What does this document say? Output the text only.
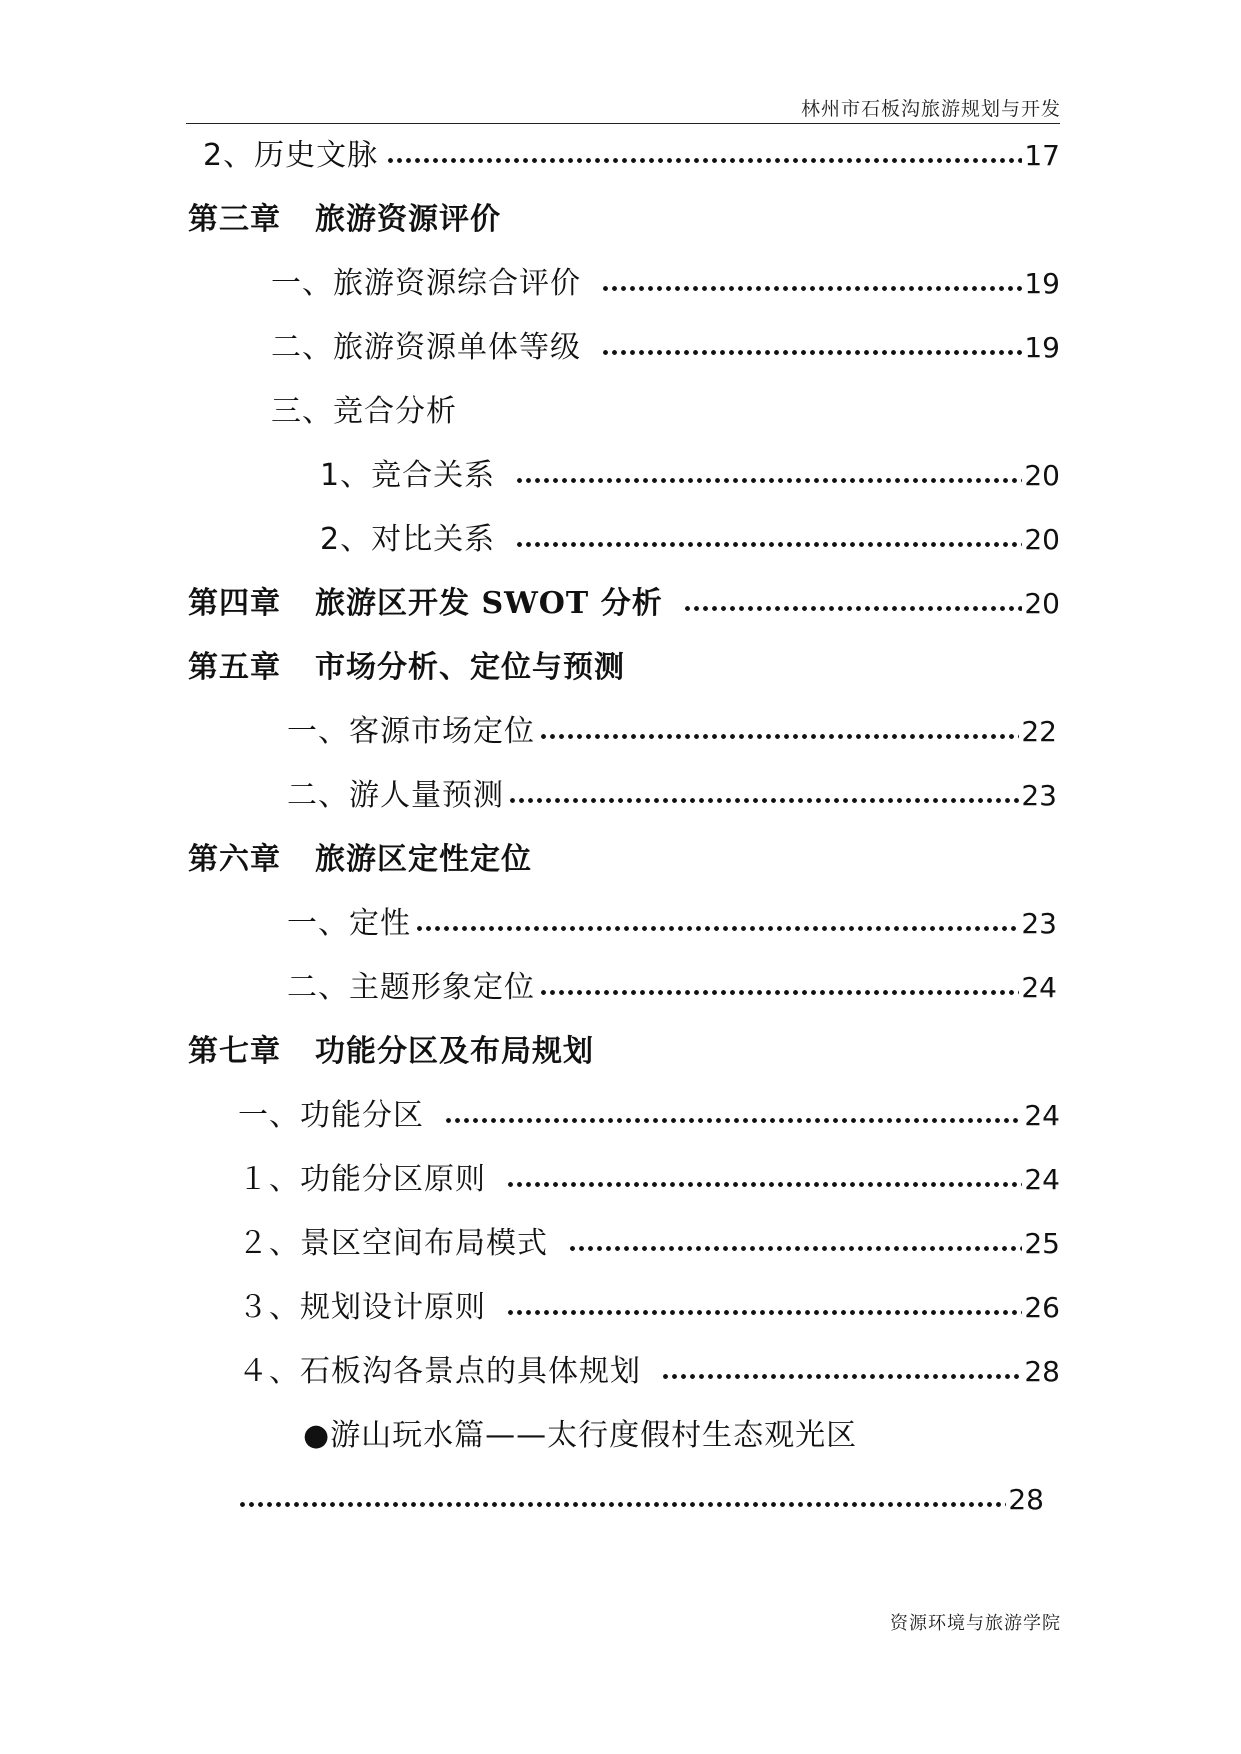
林州市石板沟旅游规划与开发
2、历史文脉	17
第三章 旅游资源评价
一、旅游资源综合评价	19
二、旅游资源单体等级	19
三、竞合分析
1、竞合关系	20
2、对比关系	20
第四章 旅游区开发 SWOT 分析	20
第五章 市场分析、定位与预测
一、客源市场定位	22
二、游人量预测	23
第六章 旅游区定性定位
一、定性	23
二、主题形象定位	24
第七章 功能分区及布局规划
一、功能分区	24
１、功能分区原则	24
２、景区空间布局模式	25
３、规划设计原则	26
４、石板沟各景点的具体规划	28
●游山玩水篇——太行度假村生态观光区
28
资源环境与旅游学院
